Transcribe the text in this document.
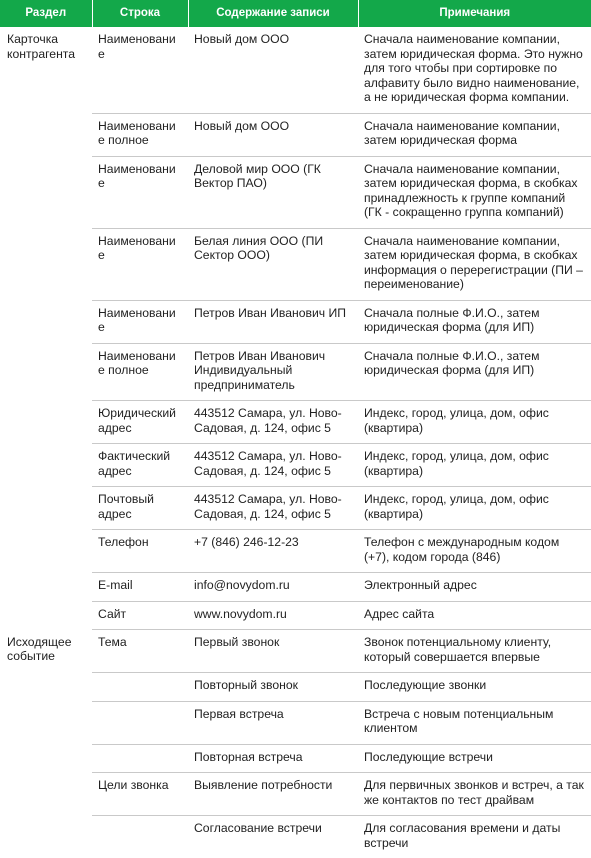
Раздел	Строка	Содержание записи	Примечания
Карточка контрагента	Наименование	Новый дом ООО	Сначала наименование компании, затем юридическая форма. Это нужно для того чтобы при сортировке по алфавиту было видно наименование, а не юридическая форма компании.
	Наименование полное	Новый дом ООО	Сначала наименование компании, затем юридическая форма
	Наименование	Деловой мир ООО (ГК Вектор ПАО)	Сначала наименование компании, затем юридическая форма, в скобках принадлежность к группе компаний (ГК - сокращенно группа компаний)
	Наименование	Белая линия ООО (ПИ Сектор ООО)	Сначала наименование компании, затем юридическая форма, в скобках информация о перерегистрации (ПИ – переименование)
	Наименование	Петров Иван Иванович ИП	Сначала полные Ф.И.О., затем юридическая форма (для ИП)
	Наименование полное	Петров Иван Иванович Индивидуальный предприниматель	Сначала полные Ф.И.О., затем юридическая форма (для ИП)
	Юридический адрес	443512 Самара, ул. Ново-Садовая, д. 124, офис 5	Индекс, город, улица, дом, офис (квартира)
	Фактический адрес	443512 Самара, ул. Ново-Садовая, д. 124, офис 5	Индекс, город, улица, дом, офис (квартира)
	Почтовый адрес	443512 Самара, ул. Ново-Садовая, д. 124, офис 5	Индекс, город, улица, дом, офис (квартира)
	Телефон	+7 (846) 246-12-23	Телефон с международным кодом (+7), кодом города (846)
	E-mail	info@novydom.ru	Электронный адрес
	Сайт	www.novydom.ru	Адрес сайта
Исходящее событие	Тема	Первый звонок	Звонок потенциальному клиенту, который совершается впервые
		Повторный звонок	Последующие звонки
		Первая встреча	Встреча с новым потенциальным клиентом
		Повторная встреча	Последующие встречи
	Цели звонка	Выявление потребности	Для первичных звонков и встреч, а так же контактов по тест драйвам
		Согласование встречи	Для согласования времени и даты встречи
